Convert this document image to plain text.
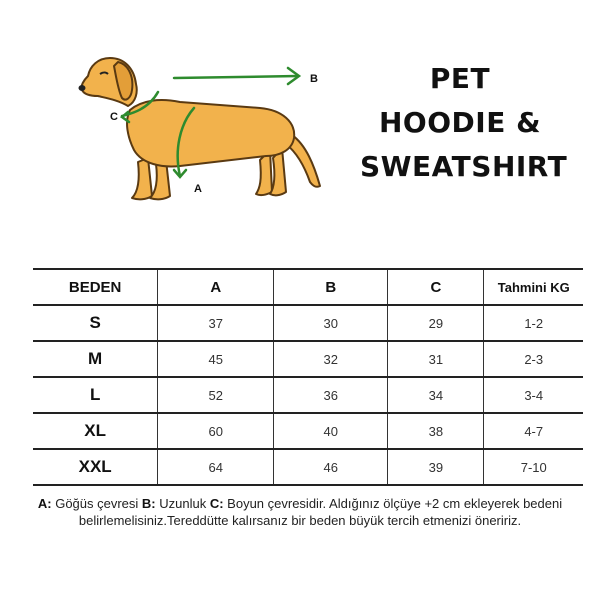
B
C
A
PET
HOODIE &
SWEATSHIRT
BEDEN	A	B	C	Tahmini KG
S	37	30	29	1-2
M	45	32	31	2-3
L	52	36	34	3-4
XL	60	40	38	4-7
XXL	64	46	39	7-10
A: Göğüs çevresi B: Uzunluk C: Boyun çevresidir. Aldığınız ölçüye +2 cm ekleyerek bedeni belirlemelisiniz.Tereddütte kalırsanız bir beden büyük tercih etmenizi öneririz.
